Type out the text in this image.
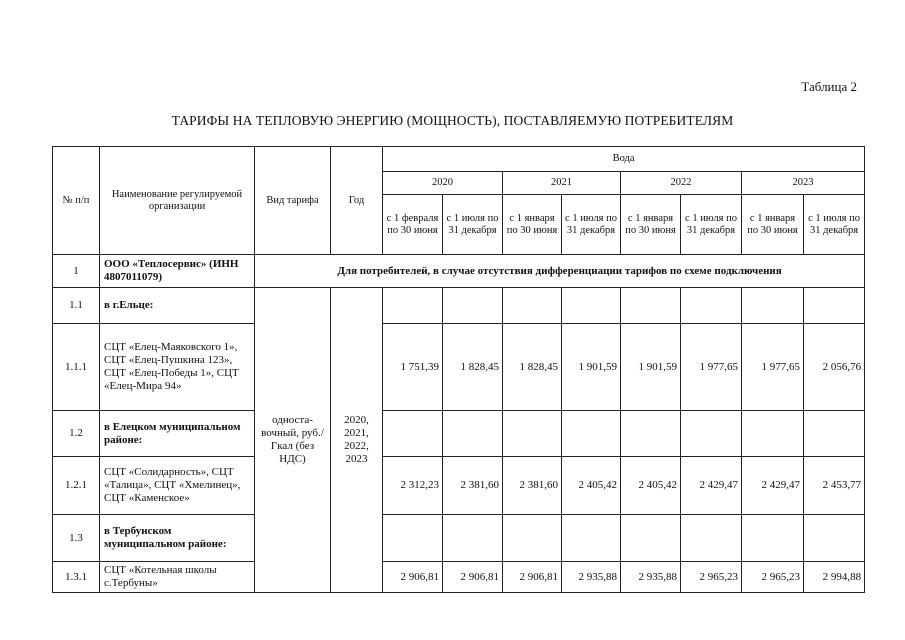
Таблица 2
ТАРИФЫ НА ТЕПЛОВУЮ ЭНЕРГИЮ (МОЩНОСТЬ), ПОСТАВЛЯЕМУЮ ПОТРЕБИТЕЛЯМ
№ п/п	Наименование регулируемой организации	Вид тарифа	Год	Вода							
				2020		2021		2022		2023	
				с 1 февраля по 30 июня	с 1 июля по 31 декабря	с 1 января по 30 июня	с 1 июля по 31 декабря	с 1 января по 30 июня	с 1 июля по 31 декабря	с 1 января по 30 июня	с 1 июля по 31 декабря
1	ООО «Теплосервис» (ИНН 4807011079)	Для потребителей, в случае отсутствия дифференциации тарифов по схеме подключения									
1.1	в г.Ельце:	односта-вочный, руб./Гкал (без НДС)	2020, 2021, 2022, 2023								
1.1.1	СЦТ «Елец-Маяковского 1», СЦТ «Елец-Пушкина 123», СЦТ «Елец-Победы 1», СЦТ «Елец-Мира 94»			1 751,39	1 828,45	1 828,45	1 901,59	1 901,59	1 977,65	1 977,65	2 056,76
1.2	в Елецком муниципальном районе:										
1.2.1	СЦТ «Солидарность», СЦТ «Талица», СЦТ «Хмелинец», СЦТ «Каменское»			2 312,23	2 381,60	2 381,60	2 405,42	2 405,42	2 429,47	2 429,47	2 453,77
1.3	в Тербунском муниципальном районе:										
1.3.1	СЦТ «Котельная школы с.Тербуны»			2 906,81	2 906,81	2 906,81	2 935,88	2 935,88	2 965,23	2 965,23	2 994,88
